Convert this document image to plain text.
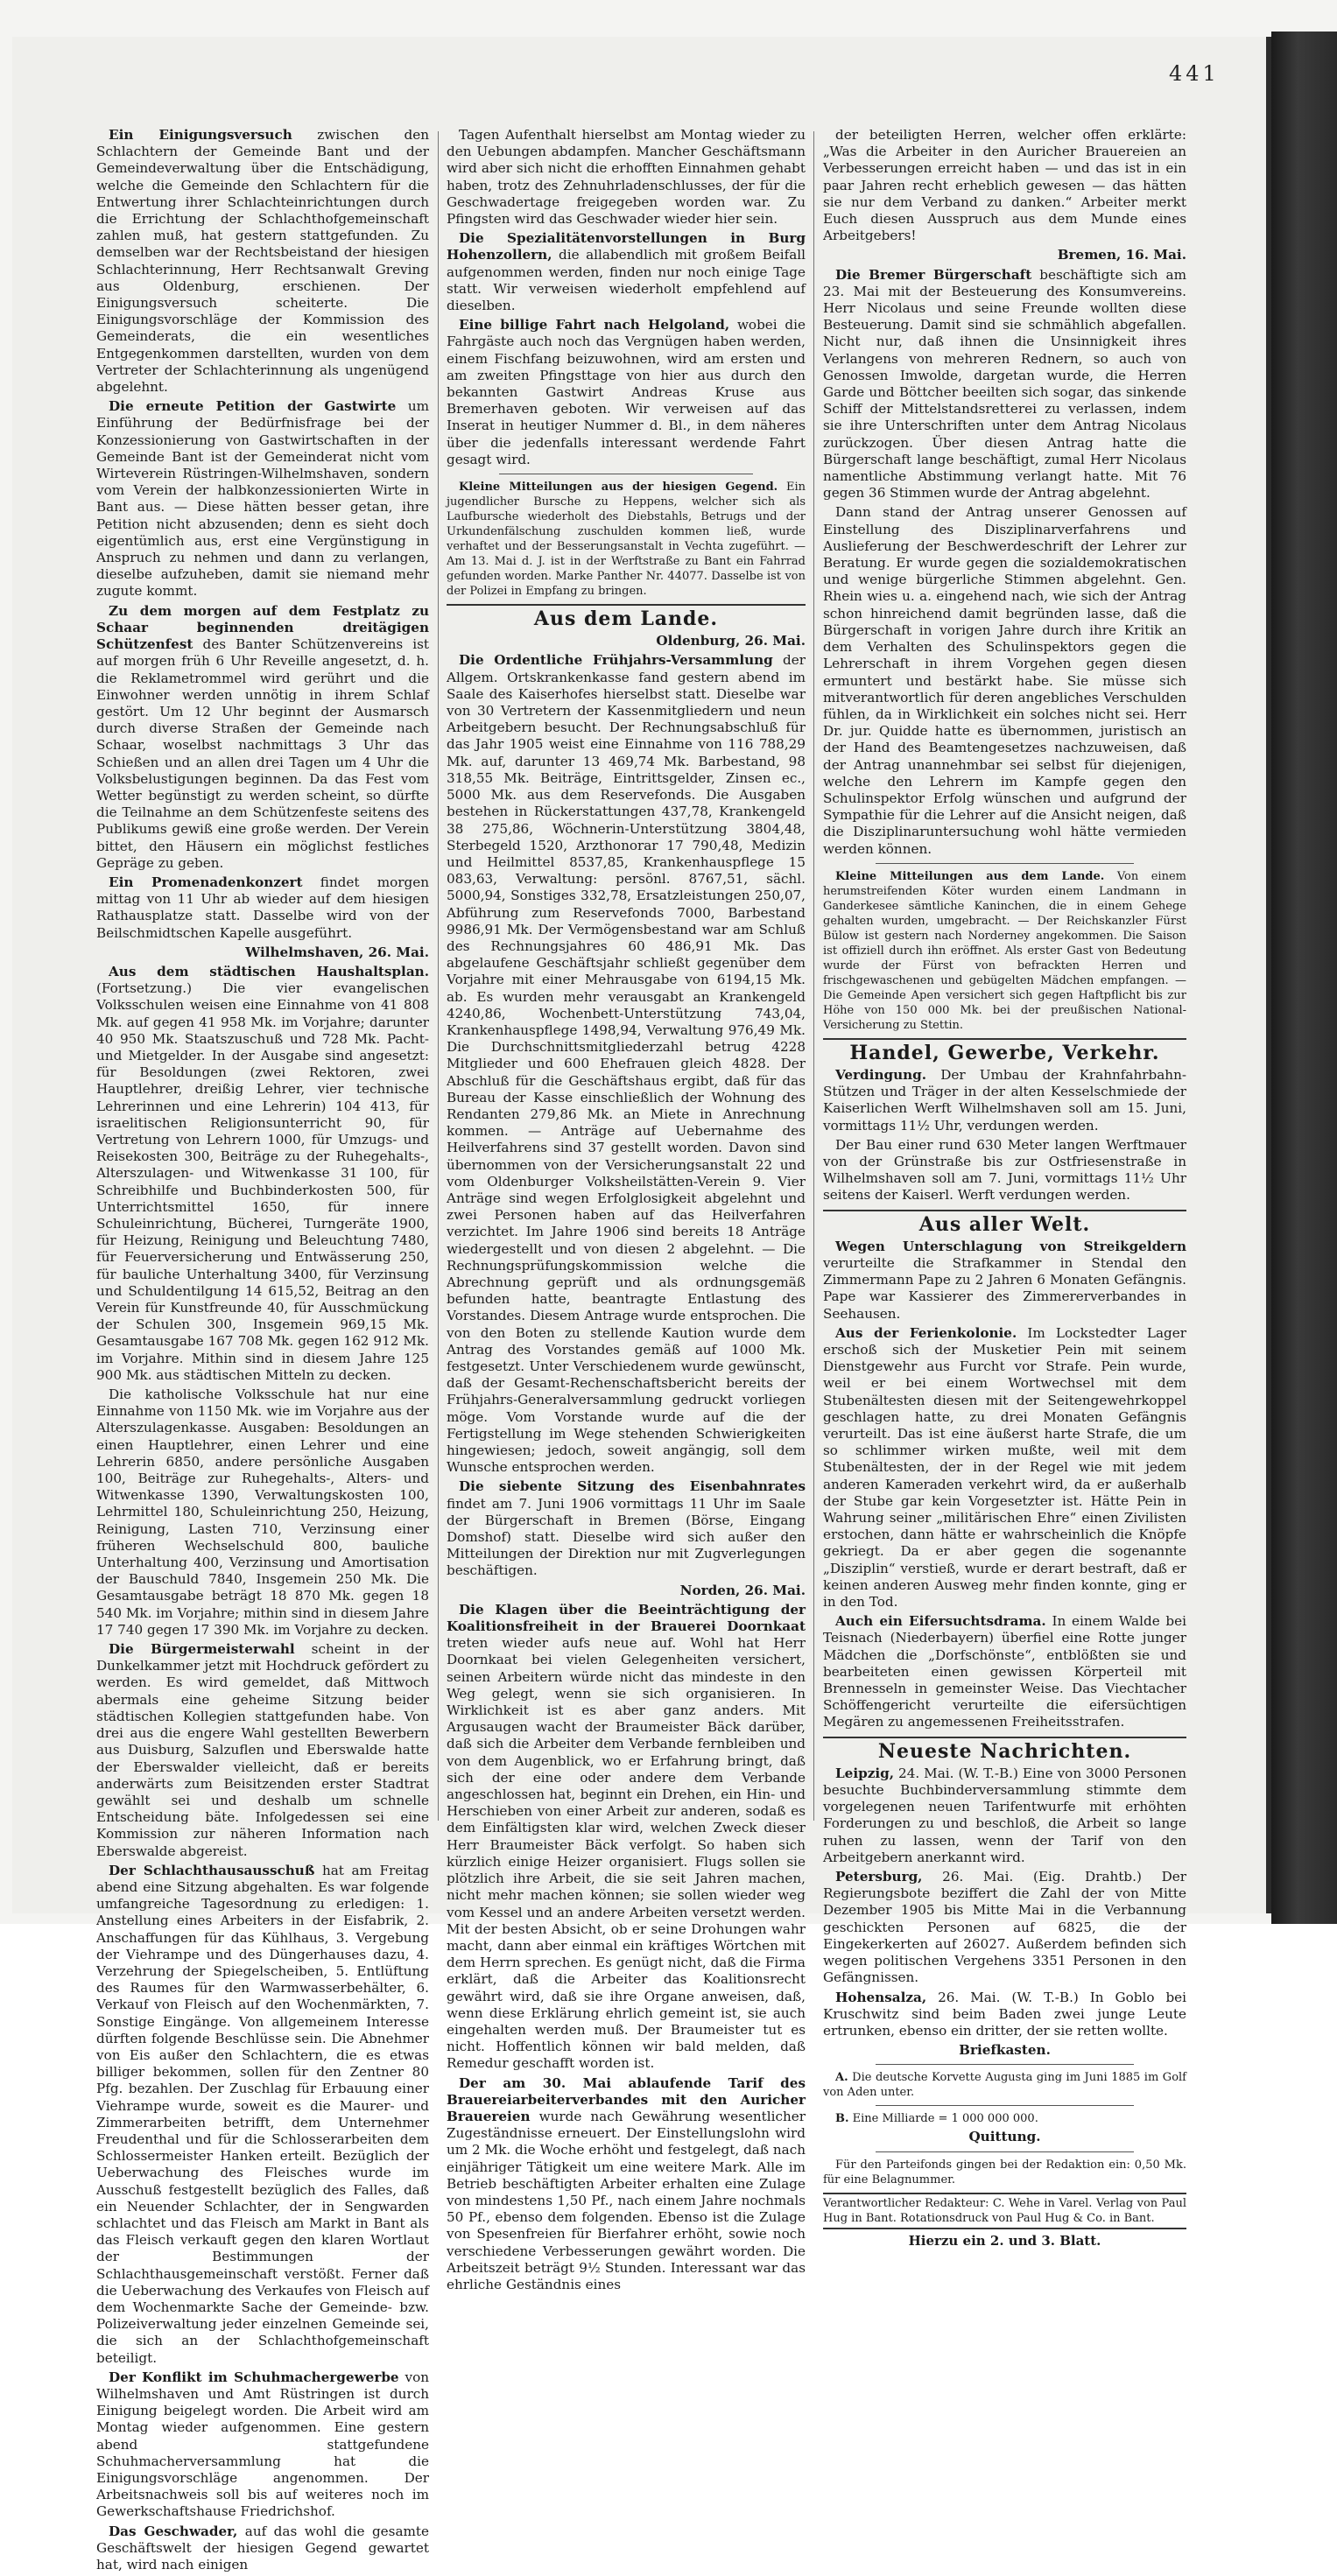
441

Ein Einigungsversuch zwischen den Schlachtern der Gemeinde Bant und der Gemeindeverwaltung über die Entschädigung, welche die Gemeinde den Schlachtern für die Entwertung ihrer Schlachteinrichtungen durch die Errichtung der Schlachthofgemeinschaft zahlen muß, hat gestern stattgefunden. Zu demselben war der Rechtsbeistand der hiesigen Schlachterinnung, Herr Rechtsanwalt Greving aus Oldenburg, erschienen. Der Einigungsversuch scheiterte. Die Einigungsvorschläge der Kommission des Gemeinderats, die ein wesentliches Entgegenkommen darstellten, wurden von dem Vertreter der Schlachterinnung als ungenügend abgelehnt.

Die erneute Petition der Gastwirte um Einführung der Bedürfnisfrage bei der Konzessionierung von Gastwirtschaften in der Gemeinde Bant ist der Gemeinderat nicht vom Wirteverein Rüstringen-Wilhelmshaven, sondern vom Verein der halbkonzessionierten Wirte in Bant aus. — Diese hätten besser getan, ihre Petition nicht abzusenden; denn es sieht doch eigentümlich aus, erst eine Vergünstigung in Anspruch zu nehmen und dann zu verlangen, dieselbe aufzuheben, damit sie niemand mehr zugute kommt.

Zu dem morgen auf dem Festplatz zu Schaar beginnenden dreitägigen Schützenfest des Banter Schützenvereins ist auf morgen früh 6 Uhr Reveille angesetzt, d. h. die Reklametrommel wird gerührt und die Einwohner werden unnötig in ihrem Schlaf gestört. Um 12 Uhr beginnt der Ausmarsch durch diverse Straßen der Gemeinde nach Schaar, woselbst nachmittags 3 Uhr das Schießen und an allen drei Tagen um 4 Uhr die Volksbelustigungen beginnen. Da das Fest vom Wetter begünstigt zu werden scheint, so dürfte die Teilnahme an dem Schützenfeste seitens des Publikums gewiß eine große werden. Der Verein bittet, den Häusern ein möglichst festliches Gepräge zu geben.

Ein Promenadenkonzert findet morgen mittag von 11 Uhr ab wieder auf dem hiesigen Rathausplatze statt. Dasselbe wird von der Beilschmidtschen Kapelle ausgeführt.

Wilhelmshaven, 26. Mai.

Aus dem städtischen Haushaltsplan. (Fortsetzung.) Die vier evangelischen Volksschulen weisen eine Einnahme von 41 808 Mk. auf gegen 41 958 Mk. im Vorjahre; darunter 40 950 Mk. Staatszuschuß und 728 Mk. Pacht- und Mietgelder. In der Ausgabe sind angesetzt: für Besoldungen (zwei Rektoren, zwei Hauptlehrer, dreißig Lehrer, vier technische Lehrerinnen und eine Lehrerin) 104 413, für israelitischen Religionsunterricht 90, für Vertretung von Lehrern 1000, für Umzugs- und Reisekosten 300, Beiträge zu der Ruhegehalts-, Alterszulagen- und Witwenkasse 31 100, für Schreibhilfe und Buchbinderkosten 500, für Unterrichtsmittel 1650, für innere Schuleinrichtung, Bücherei, Turngeräte 1900, für Heizung, Reinigung und Beleuchtung 7480, für Feuerversicherung und Entwässerung 250, für bauliche Unterhaltung 3400, für Verzinsung und Schuldentilgung 14 615,52, Beitrag an den Verein für Kunstfreunde 40, für Ausschmückung der Schulen 300, Insgemein 969,15 Mk. Gesamtausgabe 167 708 Mk. gegen 162 912 Mk. im Vorjahre. Mithin sind in diesem Jahre 125 900 Mk. aus städtischen Mitteln zu decken.

Die katholische Volksschule hat nur eine Einnahme von 1150 Mk. wie im Vorjahre aus der Alterszulagenkasse. Ausgaben: Besoldungen an einen Hauptlehrer, einen Lehrer und eine Lehrerin 6850, andere persönliche Ausgaben 100, Beiträge zur Ruhegehalts-, Alters- und Witwenkasse 1390, Verwaltungskosten 100, Lehrmittel 180, Schuleinrichtung 250, Heizung, Reinigung, Lasten 710, Verzinsung einer früheren Wechselschuld 800, bauliche Unterhaltung 400, Verzinsung und Amortisation der Bauschuld 7840, Insgemein 250 Mk. Die Gesamtausgabe beträgt 18 870 Mk. gegen 18 540 Mk. im Vorjahre; mithin sind in diesem Jahre 17 740 gegen 17 390 Mk. im Vorjahre zu decken.

Die Bürgermeisterwahl scheint in der Dunkelkammer jetzt mit Hochdruck gefördert zu werden. Es wird gemeldet, daß Mittwoch abermals eine geheime Sitzung beider städtischen Kollegien stattgefunden habe. Von drei aus die engere Wahl gestellten Bewerbern aus Duisburg, Salzuflen und Eberswalde hatte der Eberswalder vielleicht, daß er bereits anderwärts zum Beisitzenden erster Stadtrat gewählt sei und deshalb um schnelle Entscheidung bäte. Infolgedessen sei eine Kommission zur näheren Information nach Eberswalde abgereist.

Der Schlachthausausschuß hat am Freitag abend eine Sitzung abgehalten. Es war folgende umfangreiche Tagesordnung zu erledigen: 1. Anstellung eines Arbeiters in der Eisfabrik, 2. Anschaffungen für das Kühlhaus, 3. Vergebung der Viehrampe und des Düngerhauses dazu, 4. Verzehrung der Spiegelscheiben, 5. Entlüftung des Raumes für den Warmwasserbehälter, 6. Verkauf von Fleisch auf den Wochenmärkten, 7. Sonstige Eingänge. Von allgemeinem Interesse dürften folgende Beschlüsse sein. Die Abnehmer von Eis außer den Schlachtern, die es etwas billiger bekommen, sollen für den Zentner 80 Pfg. bezahlen. Der Zuschlag für Erbauung einer Viehrampe wurde, soweit es die Maurer- und Zimmerarbeiten betrifft, dem Unternehmer Freudenthal und für die Schlosserarbeiten dem Schlossermeister Hanken erteilt. Bezüglich der Ueberwachung des Fleisches wurde im Ausschuß festgestellt bezüglich des Falles, daß ein Neuender Schlachter, der in Sengwarden schlachtet und das Fleisch am Markt in Bant als das Fleisch verkauft gegen den klaren Wortlaut der Bestimmungen der Schlachthausgemeinschaft verstößt. Ferner daß die Ueberwachung des Verkaufes von Fleisch auf dem Wochenmarkte Sache der Gemeinde- bzw. Polizeiverwaltung jeder einzelnen Gemeinde sei, die sich an der Schlachthofgemeinschaft beteiligt.

Der Konflikt im Schuhmachergewerbe von Wilhelmshaven und Amt Rüstringen ist durch Einigung beigelegt worden. Die Arbeit wird am Montag wieder aufgenommen. Eine gestern abend stattgefundene Schuhmacherversammlung hat die Einigungsvorschläge angenommen. Der Arbeitsnachweis soll bis auf weiteres noch im Gewerkschaftshause Friedrichshof.

Das Geschwader, auf das wohl die gesamte Geschäftswelt der hiesigen Gegend gewartet hat, wird nach einigen

Tagen Aufenthalt hierselbst am Montag wieder zu den Uebungen abdampfen. Mancher Geschäftsmann wird aber sich nicht die erhofften Einnahmen gehabt haben, trotz des Zehnuhrladenschlusses, der für die Geschwadertage freigegeben worden war. Zu Pfingsten wird das Geschwader wieder hier sein.

Die Spezialitätenvorstellungen in Burg Hohenzollern, die allabendlich mit großem Beifall aufgenommen werden, finden nur noch einige Tage statt. Wir verweisen wiederholt empfehlend auf dieselben.

Eine billige Fahrt nach Helgoland, wobei die Fahrgäste auch noch das Vergnügen haben werden, einem Fischfang beizuwohnen, wird am ersten und am zweiten Pfingsttage von hier aus durch den bekannten Gastwirt Andreas Kruse aus Bremerhaven geboten. Wir verweisen auf das Inserat in heutiger Nummer d. Bl., in dem näheres über die jedenfalls interessant werdende Fahrt gesagt wird.

Kleine Mitteilungen aus der hiesigen Gegend. Ein jugendlicher Bursche zu Heppens, welcher sich als Laufbursche wiederholt des Diebstahls, Betrugs und der Urkundenfälschung zuschulden kommen ließ, wurde verhaftet und der Besserungsanstalt in Vechta zugeführt. — Am 13. Mai d. J. ist in der Werftstraße zu Bant ein Fahrrad gefunden worden. Marke Panther Nr. 44077. Dasselbe ist von der Polizei in Empfang zu bringen.

Aus dem Lande.

Oldenburg, 26. Mai.

Die Ordentliche Frühjahrs-Versammlung der Allgem. Ortskrankenkasse fand gestern abend im Saale des Kaiserhofes hierselbst statt. Dieselbe war von 30 Vertretern der Kassenmitgliedern und neun Arbeitgebern besucht. Der Rechnungsabschluß für das Jahr 1905 weist eine Einnahme von 116 788,29 Mk. auf, darunter 13 469,74 Mk. Barbestand, 98 318,55 Mk. Beiträge, Eintrittsgelder, Zinsen ec., 5000 Mk. aus dem Reservefonds. Die Ausgaben bestehen in Rückerstattungen 437,78, Krankengeld 38 275,86, Wöchnerin-Unterstützung 3804,48, Sterbegeld 1520, Arzthonorar 17 790,48, Medizin und Heilmittel 8537,85, Krankenhauspflege 15 083,63, Verwaltung: persönl. 8767,51, sächl. 5000,94, Sonstiges 332,78, Ersatzleistungen 250,07, Abführung zum Reservefonds 7000, Barbestand 9986,91 Mk. Der Vermögensbestand war am Schluß des Rechnungsjahres 60 486,91 Mk. Das abgelaufene Geschäftsjahr schließt gegenüber dem Vorjahre mit einer Mehrausgabe von 6194,15 Mk. ab. Es wurden mehr verausgabt an Krankengeld 4240,86, Wochenbett-Unterstützung 743,04, Krankenhauspflege 1498,94, Verwaltung 976,49 Mk. Die Durchschnittsmitgliederzahl betrug 4228 Mitglieder und 600 Ehefrauen gleich 4828. Der Abschluß für die Geschäftshaus ergibt, daß für das Bureau der Kasse einschließlich der Wohnung des Rendanten 279,86 Mk. an Miete in Anrechnung kommen. — Anträge auf Uebernahme des Heilverfahrens sind 37 gestellt worden. Davon sind übernommen von der Versicherungsanstalt 22 und vom Oldenburger Volksheilstätten-Verein 9. Vier Anträge sind wegen Erfolglosigkeit abgelehnt und zwei Personen haben auf das Heilverfahren verzichtet. Im Jahre 1906 sind bereits 18 Anträge wiedergestellt und von diesen 2 abgelehnt. — Die Rechnungsprüfungskommission welche die Abrechnung geprüft und als ordnungsgemäß befunden hatte, beantragte Entlastung des Vorstandes. Diesem Antrage wurde entsprochen. Die von den Boten zu stellende Kaution wurde dem Antrag des Vorstandes gemäß auf 1000 Mk. festgesetzt. Unter Verschiedenem wurde gewünscht, daß der Gesamt-Rechenschaftsbericht bereits der Frühjahrs-Generalversammlung gedruckt vorliegen möge. Vom Vorstande wurde auf die der Fertigstellung im Wege stehenden Schwierigkeiten hingewiesen; jedoch, soweit angängig, soll dem Wunsche entsprochen werden.

Die siebente Sitzung des Eisenbahnrates findet am 7. Juni 1906 vormittags 11 Uhr im Saale der Bürgerschaft in Bremen (Börse, Eingang Domshof) statt. Dieselbe wird sich außer den Mitteilungen der Direktion nur mit Zugverlegungen beschäftigen.

Norden, 26. Mai.

Die Klagen über die Beeinträchtigung der Koalitionsfreiheit in der Brauerei Doornkaat treten wieder aufs neue auf. Wohl hat Herr Doornkaat bei vielen Gelegenheiten versichert, seinen Arbeitern würde nicht das mindeste in den Weg gelegt, wenn sie sich organisieren. In Wirklichkeit ist es aber ganz anders. Mit Argusaugen wacht der Braumeister Bäck darüber, daß sich die Arbeiter dem Verbande fernbleiben und von dem Augenblick, wo er Erfahrung bringt, daß sich der eine oder andere dem Verbande angeschlossen hat, beginnt ein Drehen, ein Hin- und Herschieben von einer Arbeit zur anderen, sodaß es dem Einfältigsten klar wird, welchen Zweck dieser Herr Braumeister Bäck verfolgt. So haben sich kürzlich einige Heizer organisiert. Flugs sollen sie plötzlich ihre Arbeit, die sie seit Jahren machen, nicht mehr machen können; sie sollen wieder weg vom Kessel und an andere Arbeiten versetzt werden. Mit der besten Absicht, ob er seine Drohungen wahr macht, dann aber einmal ein kräftiges Wörtchen mit dem Herrn sprechen. Es genügt nicht, daß die Firma erklärt, daß die Arbeiter das Koalitionsrecht gewährt wird, daß sie ihre Organe anweisen, daß, wenn diese Erklärung ehrlich gemeint ist, sie auch eingehalten werden muß. Der Braumeister tut es nicht. Hoffentlich können wir bald melden, daß Remedur geschafft worden ist.

Der am 30. Mai ablaufende Tarif des Brauereiarbeiterverbandes mit den Auricher Brauereien wurde nach Gewährung wesentlicher Zugeständnisse erneuert. Der Einstellungslohn wird um 2 Mk. die Woche erhöht und festgelegt, daß nach einjähriger Tätigkeit um eine weitere Mark. Alle im Betrieb beschäftigten Arbeiter erhalten eine Zulage von mindestens 1,50 Pf., nach einem Jahre nochmals 50 Pf., ebenso dem folgenden. Ebenso ist die Zulage von Spesenfreien für Bierfahrer erhöht, sowie noch verschiedene Verbesserungen gewährt worden. Die Arbeitszeit beträgt 9½ Stunden. Interessant war das ehrliche Geständnis eines

der beteiligten Herren, welcher offen erklärte: „Was die Arbeiter in den Auricher Brauereien an Verbesserungen erreicht haben — und das ist in ein paar Jahren recht erheblich gewesen — das hätten sie nur dem Verband zu danken.“ Arbeiter merkt Euch diesen Ausspruch aus dem Munde eines Arbeitgebers!

Bremen, 16. Mai.

Die Bremer Bürgerschaft beschäftigte sich am 23. Mai mit der Besteuerung des Konsumvereins. Herr Nicolaus und seine Freunde wollten diese Besteuerung. Damit sind sie schmählich abgefallen. Nicht nur, daß ihnen die Unsinnigkeit ihres Verlangens von mehreren Rednern, so auch von Genossen Imwolde, dargetan wurde, die Herren Garde und Böttcher beeilten sich sogar, das sinkende Schiff der Mittelstandsretterei zu verlassen, indem sie ihre Unterschriften unter dem Antrag Nicolaus zurückzogen. Über diesen Antrag hatte die Bürgerschaft lange beschäftigt, zumal Herr Nicolaus namentliche Abstimmung verlangt hatte. Mit 76 gegen 36 Stimmen wurde der Antrag abgelehnt.

Dann stand der Antrag unserer Genossen auf Einstellung des Disziplinarverfahrens und Auslieferung der Beschwerdeschrift der Lehrer zur Beratung. Er wurde gegen die sozialdemokratischen und wenige bürgerliche Stimmen abgelehnt. Gen. Rhein wies u. a. eingehend nach, wie sich der Antrag schon hinreichend damit begründen lasse, daß die Bürgerschaft in vorigen Jahre durch ihre Kritik an dem Verhalten des Schulinspektors gegen die Lehrerschaft in ihrem Vorgehen gegen diesen ermuntert und bestärkt habe. Sie müsse sich mitverantwortlich für deren angebliches Verschulden fühlen, da in Wirklichkeit ein solches nicht sei. Herr Dr. jur. Quidde hatte es übernommen, juristisch an der Hand des Beamtengesetzes nachzuweisen, daß der Antrag unannehmbar sei selbst für diejenigen, welche den Lehrern im Kampfe gegen den Schulinspektor Erfolg wünschen und aufgrund der Sympathie für die Lehrer auf die Ansicht neigen, daß die Disziplinaruntersuchung wohl hätte vermieden werden können.

Kleine Mitteilungen aus dem Lande. Von einem herumstreifenden Köter wurden einem Landmann in Ganderkesee sämtliche Kaninchen, die in einem Gehege gehalten wurden, umgebracht. — Der Reichskanzler Fürst Bülow ist gestern nach Norderney angekommen. Die Saison ist offiziell durch ihn eröffnet. Als erster Gast von Bedeutung wurde der Fürst von befrackten Herren und frischgewaschenen und gebügelten Mädchen empfangen. — Die Gemeinde Apen versichert sich gegen Haftpflicht bis zur Höhe von 150 000 Mk. bei der preußischen National-Versicherung zu Stettin.

Handel, Gewerbe, Verkehr.

Verdingung. Der Umbau der Krahnfahrbahn-Stützen und Träger in der alten Kesselschmiede der Kaiserlichen Werft Wilhelmshaven soll am 15. Juni, vormittags 11½ Uhr, verdungen werden.

Der Bau einer rund 630 Meter langen Werftmauer von der Grünstraße bis zur Ostfriesenstraße in Wilhelmshaven soll am 7. Juni, vormittags 11½ Uhr seitens der Kaiserl. Werft verdungen werden.

Aus aller Welt.

Wegen Unterschlagung von Streikgeldern verurteilte die Strafkammer in Stendal den Zimmermann Pape zu 2 Jahren 6 Monaten Gefängnis. Pape war Kassierer des Zimmererverbandes in Seehausen.

Aus der Ferienkolonie. Im Lockstedter Lager erschoß sich der Musketier Pein mit seinem Dienstgewehr aus Furcht vor Strafe. Pein wurde, weil er bei einem Wortwechsel mit dem Stubenältesten diesen mit der Seitengewehrkoppel geschlagen hatte, zu drei Monaten Gefängnis verurteilt. Das ist eine äußerst harte Strafe, die um so schlimmer wirken mußte, weil mit dem Stubenältesten, der in der Regel wie mit jedem anderen Kameraden verkehrt wird, da er außerhalb der Stube gar kein Vorgesetzter ist. Hätte Pein in Wahrung seiner „militärischen Ehre“ einen Zivilisten erstochen, dann hätte er wahrscheinlich die Knöpfe gekriegt. Da er aber gegen die sogenannte „Disziplin“ verstieß, wurde er derart bestraft, daß er keinen anderen Ausweg mehr finden konnte, ging er in den Tod.

Auch ein Eifersuchtsdrama. In einem Walde bei Teisnach (Niederbayern) überfiel eine Rotte junger Mädchen die „Dorfschönste“, entblößten sie und bearbeiteten einen gewissen Körperteil mit Brennesseln in gemeinster Weise. Das Viechtacher Schöffengericht verurteilte die eifersüchtigen Megären zu angemessenen Freiheitsstrafen.

Neueste Nachrichten.

Leipzig, 24. Mai. (W. T.-B.) Eine von 3000 Personen besuchte Buchbinderversammlung stimmte dem vorgelegenen neuen Tarifentwurfe mit erhöhten Forderungen zu und beschloß, die Arbeit so lange ruhen zu lassen, wenn der Tarif von den Arbeitgebern anerkannt wird.

Petersburg, 26. Mai. (Eig. Drahtb.) Der Regierungsbote beziffert die Zahl der von Mitte Dezember 1905 bis Mitte Mai in die Verbannung geschickten Personen auf 6825, die der Eingekerkerten auf 26027. Außerdem befinden sich wegen politischen Vergehens 3351 Personen in den Gefängnissen.

Hohensalza, 26. Mai. (W. T.-B.) In Goblo bei Kruschwitz sind beim Baden zwei junge Leute ertrunken, ebenso ein dritter, der sie retten wollte.

Briefkasten.

A. Die deutsche Korvette Augusta ging im Juni 1885 im Golf von Aden unter.

B. Eine Milliarde = 1 000 000 000.

Quittung.

Für den Parteifonds gingen bei der Redaktion ein: 0,50 Mk. für eine Belagnummer.

Verantwortlicher Redakteur: C. Wehe in Varel. Verlag von Paul Hug in Bant. Rotationsdruck von Paul Hug & Co. in Bant.

Hierzu ein 2. und 3. Blatt.
